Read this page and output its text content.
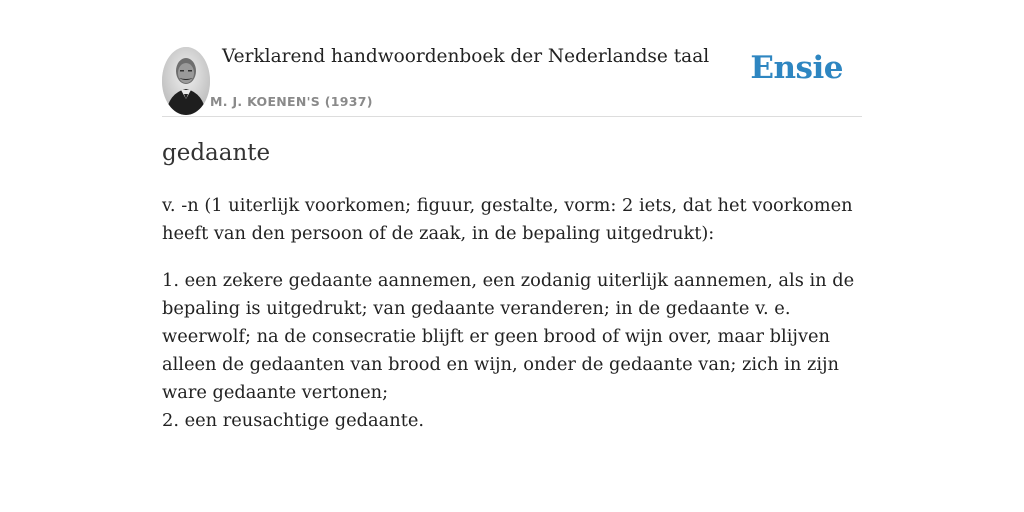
Verklarend handwoordenboek der Nederlandse taal
M. J. KOENEN'S (1937)
Ensie
gedaante
v. -n (1 uiterlijk voorkomen; figuur, gestalte, vorm: 2 iets, dat het voorkomen heeft van den persoon of de zaak, in de bepaling uitgedrukt):
1. een zekere gedaante aannemen, een zodanig uiterlijk aannemen, als in de bepaling is uitgedrukt; van gedaante veranderen; in de gedaante v. e. weerwolf; na de consecratie blijft er geen brood of wijn over, maar blijven alleen de gedaanten van brood en wijn, onder de gedaante van; zich in zijn ware gedaante vertonen;
2. een reusachtige gedaante.
